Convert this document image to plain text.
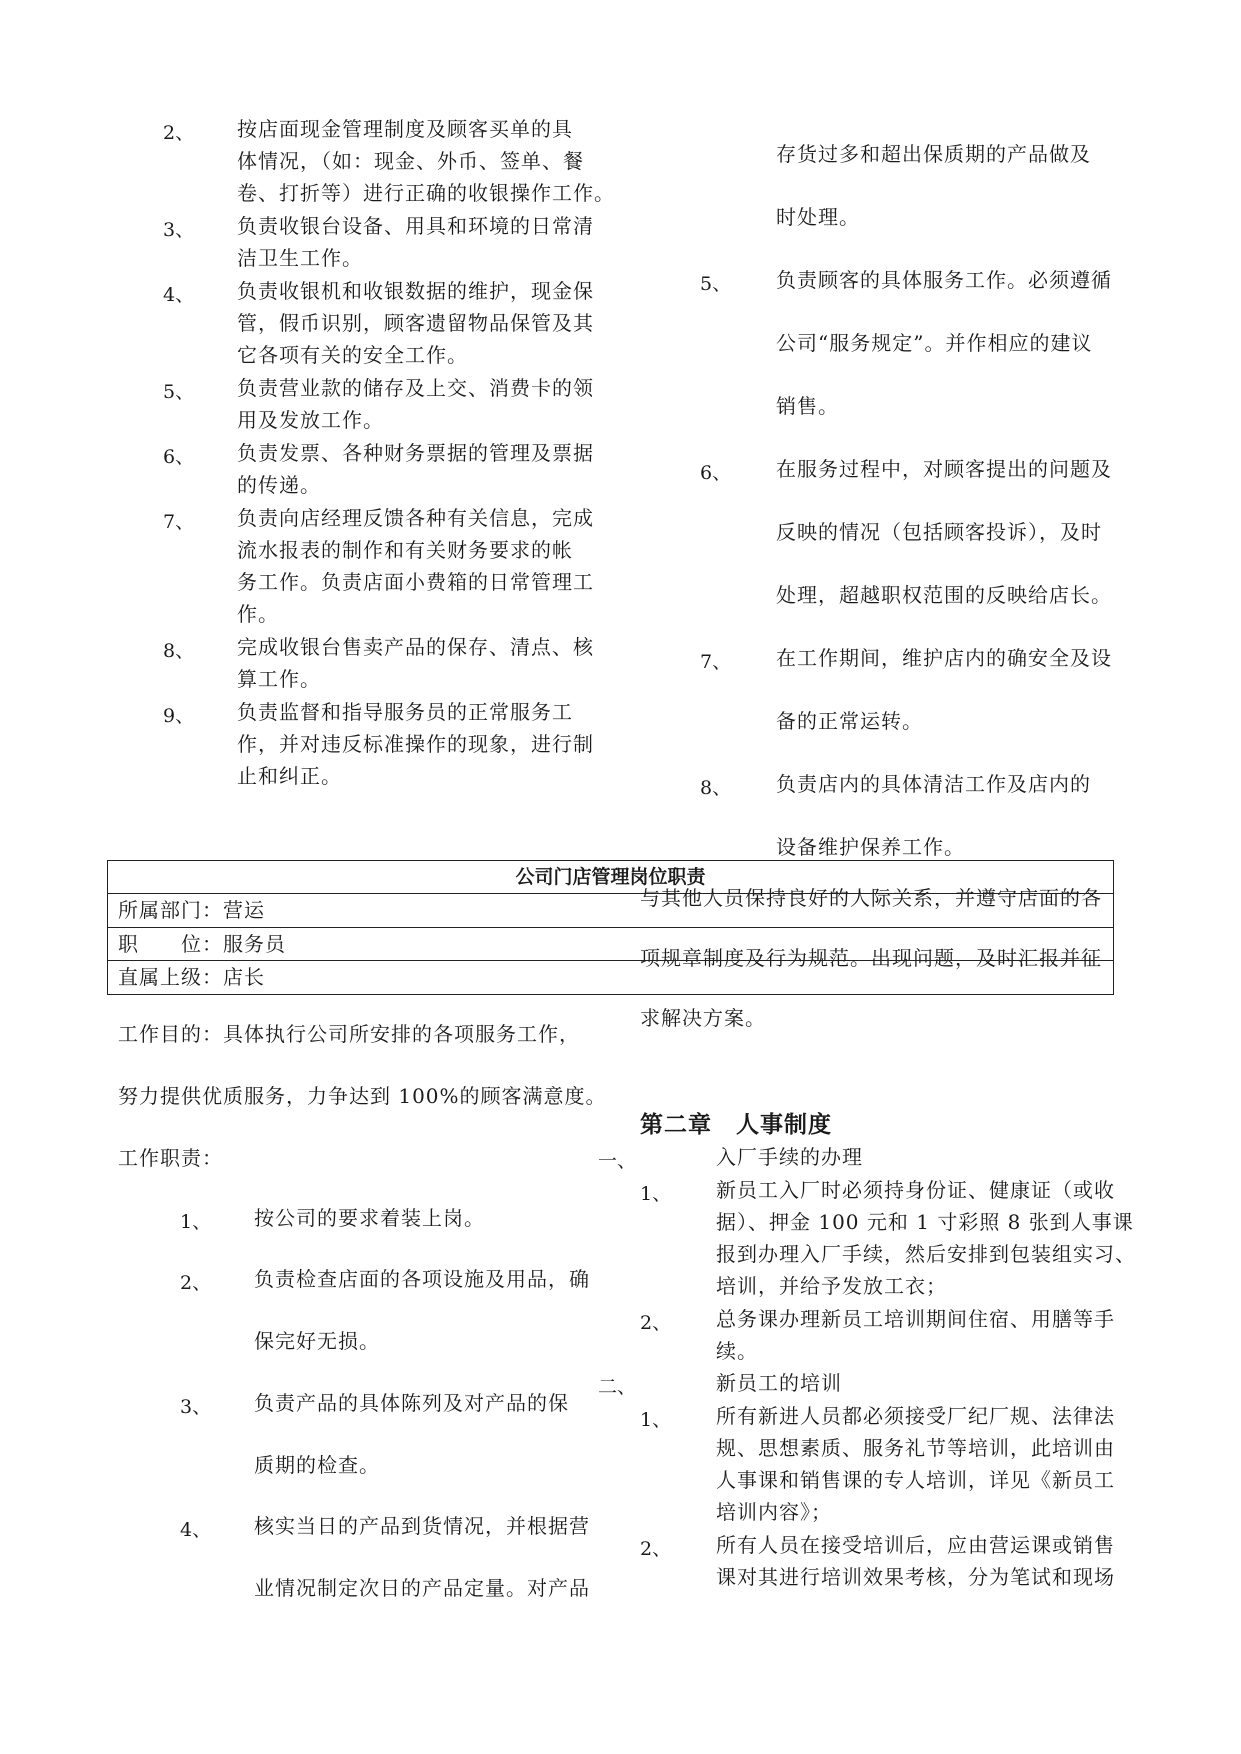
2、 按店面现金管理制度及顾客买单的具
体情况，（如：现金、外币、签单、餐
卷、打折等）进行正确的收银操作工作。
3、 负责收银台设备、用具和环境的日常清
洁卫生工作。
4、 负责收银机和收银数据的维护，现金保
管，假币识别，顾客遗留物品保管及其
它各项有关的安全工作。
5、 负责营业款的储存及上交、消费卡的领
用及发放工作。
6、 负责发票、各种财务票据的管理及票据
的传递。
7、 负责向店经理反馈各种有关信息，完成
流水报表的制作和有关财务要求的帐
务工作。负责店面小费箱的日常管理工
作。
8、 完成收银台售卖产品的保存、清点、核
算工作。
9、 负责监督和指导服务员的正常服务工
作，并对违反标准操作的现象，进行制
止和纠正。
存货过多和超出保质期的产品做及
时处理。
5、 负责顾客的具体服务工作。必须遵循
公司“服务规定”。并作相应的建议
销售。
6、 在服务过程中，对顾客提出的问题及
反映的情况（包括顾客投诉），及时
处理，超越职权范围的反映给店长。
7、 在工作期间，维护店内的确安全及设
备的正常运转。
8、 负责店内的具体清洁工作及店内的
设备维护保养工作。
与其他人员保持良好的人际关系，并遵守店面的各
项规章制度及行为规范。出现问题，及时汇报并征
求解决方案。
公司门店管理岗位职责
所属部门：营运
职　　位：服务员
直属上级：店长
工作目的：具体执行公司所安排的各项服务工作，
努力提供优质服务，力争达到 100%的顾客满意度。
工作职责：
1、 按公司的要求着装上岗。
2、 负责检查店面的各项设施及用品，确
保完好无损。
3、 负责产品的具体陈列及对产品的保
质期的检查。
4、 核实当日的产品到货情况，并根据营
业情况制定次日的产品定量。对产品
第二章　人事制度
一、	入厂手续的办理
1、 新员工入厂时必须持身份证、健康证（或收
据）、押金 100 元和 1 寸彩照 8 张到人事课
报到办理入厂手续，然后安排到包装组实习、
培训，并给予发放工衣；
2、 总务课办理新员工培训期间住宿、用膳等手
续。
二、	新员工的培训
1、 所有新进人员都必须接受厂纪厂规、法律法
规、思想素质、服务礼节等培训，此培训由
人事课和销售课的专人培训，详见《新员工
培训内容》；
2、 所有人员在接受培训后，应由营运课或销售
课对其进行培训效果考核，分为笔试和现场
